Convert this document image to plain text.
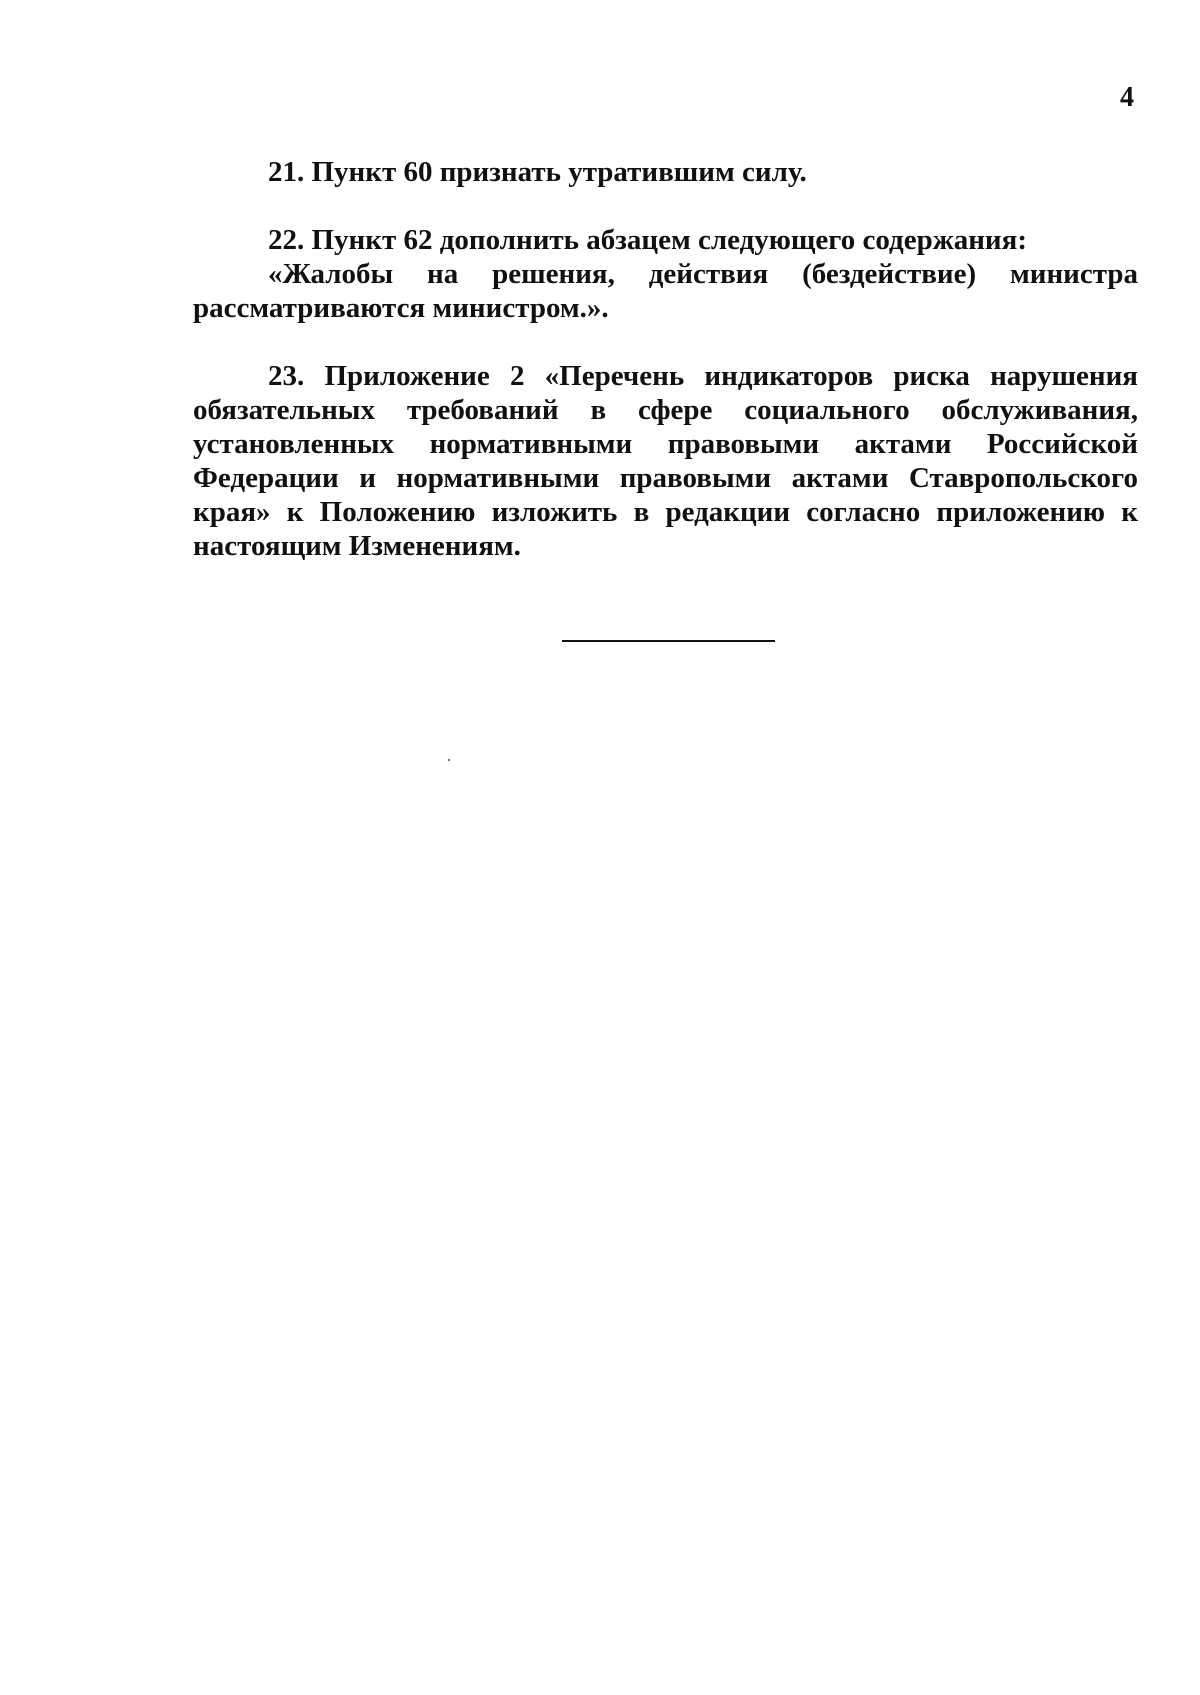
4

21. Пункт 60 признать утратившим силу.

22. Пункт 62 дополнить абзацем следующего содержания:

«Жалобы на решения, действия (бездействие) министра рассматриваются министром.».

23. Приложение 2 «Перечень индикаторов риска нарушения обязательных требований в сфере социального обслуживания, установленных нормативными правовыми актами Российской Федерации и нормативными правовыми актами Ставропольского края» к Положению изложить в редакции согласно приложению к настоящим Изменениям.
